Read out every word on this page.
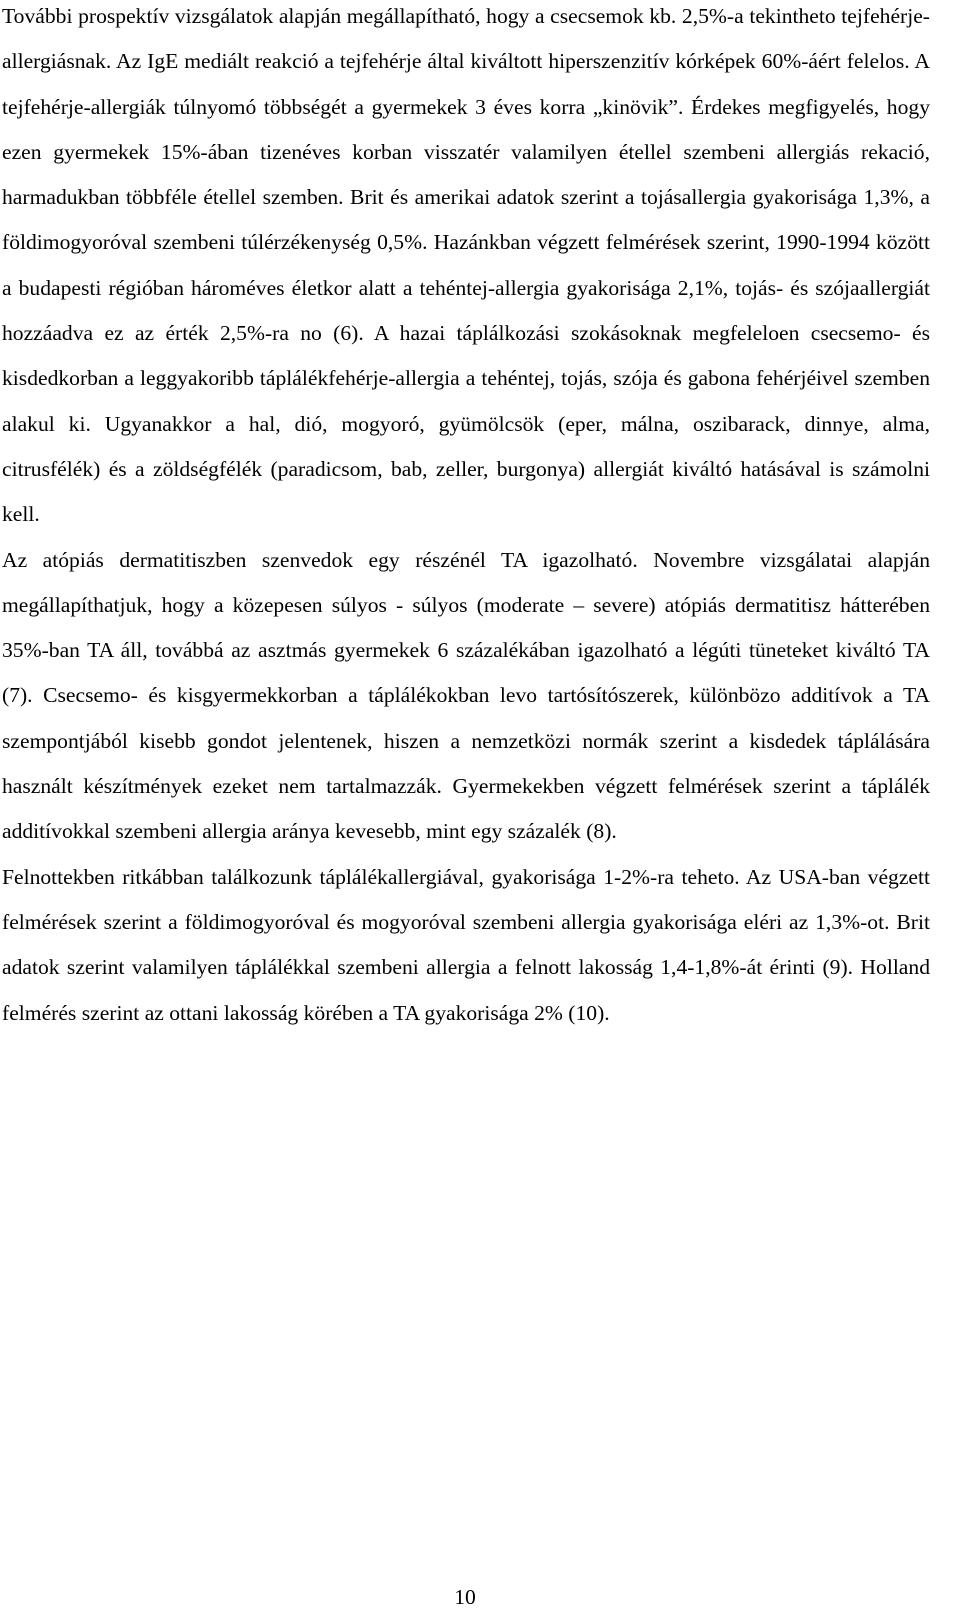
További prospektív vizsgálatok alapján megállapítható, hogy a csecsemok kb. 2,5%-a tekintheto tejfehérje-allergiásnak. Az IgE mediált reakció a tejfehérje által kiváltott hiperszenzitív kórképek 60%-áért felelos. A tejfehérje-allergiák túlnyomó többségét a gyermekek 3 éves korra „kinövik”. Érdekes megfigyelés, hogy ezen gyermekek 15%-ában tizenéves korban visszatér valamilyen étellel szembeni allergiás rekació, harmadukban többféle étellel szemben. Brit és amerikai adatok szerint a tojásallergia gyakorisága 1,3%, a földimogyoróval szembeni túlérzékenység 0,5%. Hazánkban végzett felmérések szerint, 1990-1994 között a budapesti régióban hároméves életkor alatt a tehéntej-allergia gyakorisága 2,1%, tojás- és szójaallergiát hozzáadva ez az érték 2,5%-ra no (6). A hazai táplálkozási szokásoknak megfeleloen csecsemo- és kisdedkorban a leggyakoribb táplálékfehérje-allergia a tehéntej, tojás, szója és gabona fehérjéivel szemben alakul ki. Ugyanakkor a hal, dió, mogyoró, gyümölcsök (eper, málna, oszibarack, dinnye, alma, citrusfélék) és a zöldségfélék (paradicsom, bab, zeller, burgonya) allergiát kiváltó hatásával is számolni kell.

Az atópiás dermatitiszben szenvedok egy részénél TA igazolható. Novembre vizsgálatai alapján megállapíthatjuk, hogy a közepesen súlyos - súlyos (moderate – severe) atópiás dermatitisz hátterében 35%-ban TA áll, továbbá az asztmás gyermekek 6 százalékában igazolható a légúti tüneteket kiváltó TA (7). Csecsemo- és kisgyermekkorban a táplálékokban levo tartósítószerek, különbözo additívok a TA szempontjából kisebb gondot jelentenek, hiszen a nemzetközi normák szerint a kisdedek táplálására használt készítmények ezeket nem tartalmazzák. Gyermekekben végzett felmérések szerint a táplálék additívokkal szembeni allergia aránya kevesebb, mint egy százalék (8).

Felnottekben ritkábban találkozunk táplálékallergiával, gyakorisága 1-2%-ra teheto. Az USA-ban végzett felmérések szerint a földimogyoróval és mogyoróval szembeni allergia gyakorisága eléri az 1,3%-ot. Brit adatok szerint valamilyen táplálékkal szembeni allergia a felnott lakosság 1,4-1,8%-át érinti (9). Holland felmérés szerint az ottani lakosság körében a TA gyakorisága 2% (10).

10
